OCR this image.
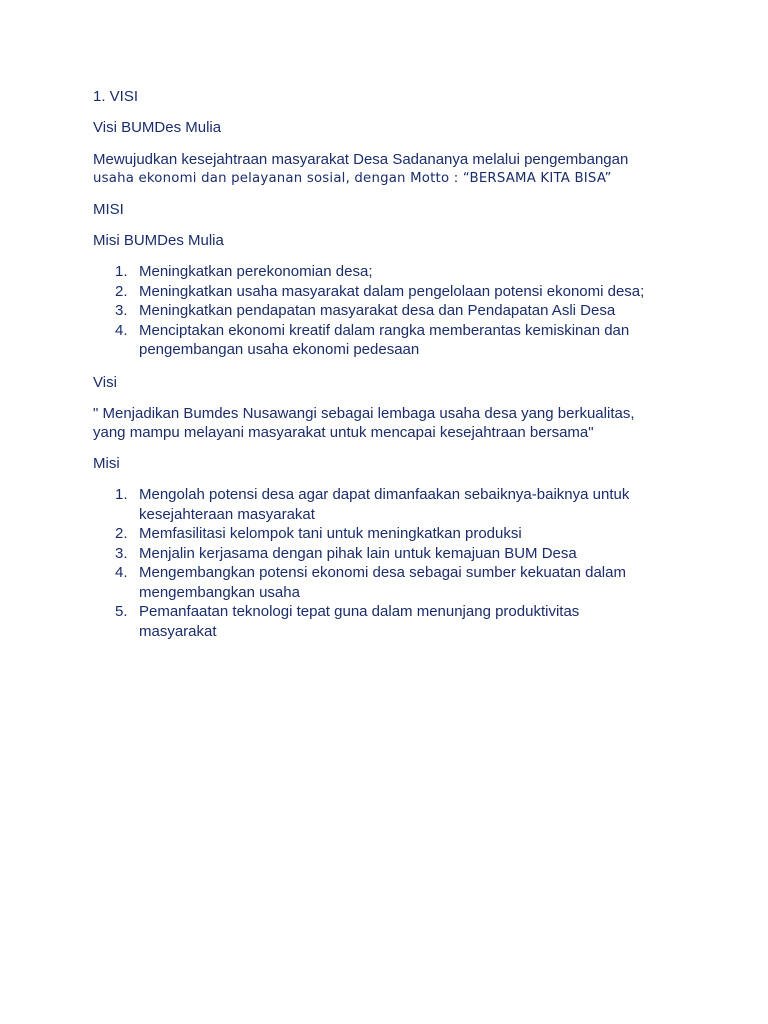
1. VISI
Visi BUMDes Mulia
Mewujudkan kesejahtraan masyarakat Desa Sadananya melalui pengembangan
usaha ekonomi dan pelayanan sosial, dengan Motto : “BERSAMA KITA BISA”
MISI
Misi BUMDes Mulia
1. Meningkatkan perekonomian desa;
2. Meningkatkan usaha masyarakat dalam pengelolaan potensi ekonomi desa;
3. Meningkatkan pendapatan masyarakat desa dan Pendapatan Asli Desa
4. Menciptakan ekonomi kreatif dalam rangka memberantas kemiskinan dan
pengembangan usaha ekonomi pedesaan
Visi
" Menjadikan Bumdes Nusawangi sebagai lembaga usaha desa yang berkualitas,
yang mampu melayani masyarakat untuk mencapai kesejahtraan bersama"
Misi
1. Mengolah potensi desa agar dapat dimanfaakan sebaiknya-baiknya untuk
kesejahteraan masyarakat
2. Memfasilitasi kelompok tani untuk meningkatkan produksi
3. Menjalin kerjasama dengan pihak lain untuk kemajuan BUM Desa
4. Mengembangkan potensi ekonomi desa sebagai sumber kekuatan dalam
mengembangkan usaha
5. Pemanfaatan teknologi tepat guna dalam menunjang produktivitas
masyarakat
